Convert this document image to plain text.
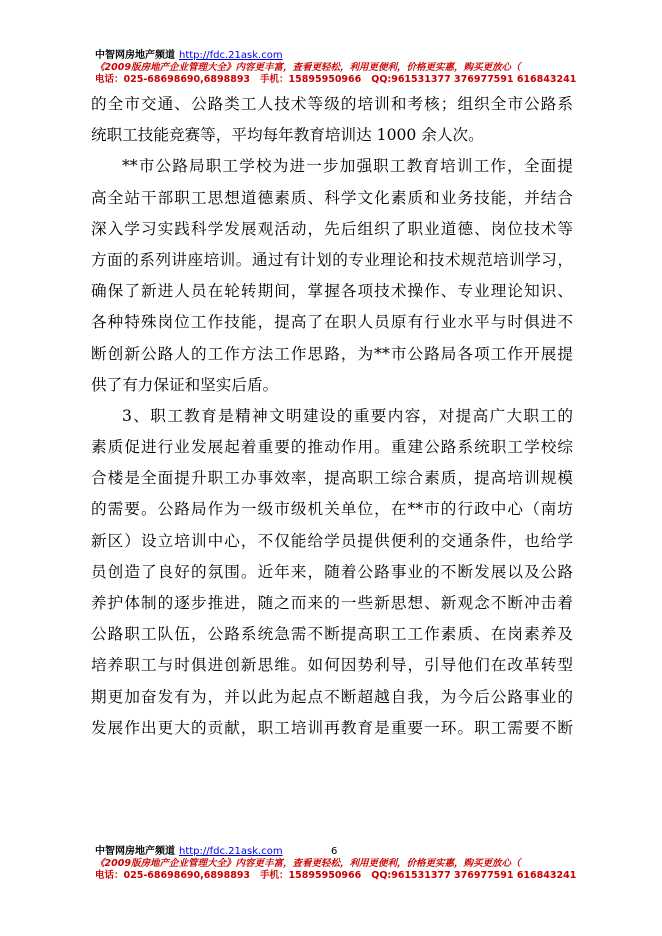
中智网房地产频道 http://fdc.21ask.com
《2009版房地产企业管理大全》内容更丰富，查看更轻松，利用更便利，价格更实惠，购买更放心（
电话：025-68698690,6898893 手机：15895950966 QQ:961531377 376977591 616843241
的全市交通、公路类工人技术等级的培训和考核；组织全市公路系
统职工技能竞赛等，平均每年教育培训达 1000 余人次。
**市公路局职工学校为进一步加强职工教育培训工作，全面提
高全站干部职工思想道德素质、科学文化素质和业务技能，并结合
深入学习实践科学发展观活动，先后组织了职业道德、岗位技术等
方面的系列讲座培训。通过有计划的专业理论和技术规范培训学习，
确保了新进人员在轮转期间，掌握各项技术操作、专业理论知识、
各种特殊岗位工作技能，提高了在职人员原有行业水平与时俱进不
断创新公路人的工作方法工作思路，为**市公路局各项工作开展提
供了有力保证和坚实后盾。
3、职工教育是精神文明建设的重要内容，对提高广大职工的
素质促进行业发展起着重要的推动作用。重建公路系统职工学校综
合楼是全面提升职工办事效率，提高职工综合素质，提高培训规模
的需要。公路局作为一级市级机关单位，在**市的行政中心（南坊
新区）设立培训中心，不仅能给学员提供便利的交通条件，也给学
员创造了良好的氛围。近年来，随着公路事业的不断发展以及公路
养护体制的逐步推进，随之而来的一些新思想、新观念不断冲击着
公路职工队伍，公路系统急需不断提高职工工作素质、在岗素养及
培养职工与时俱进创新思维。如何因势利导，引导他们在改革转型
期更加奋发有为，并以此为起点不断超越自我，为今后公路事业的
发展作出更大的贡献，职工培训再教育是重要一环。职工需要不断
中智网房地产频道 http://fdc.21ask.com	6
《2009版房地产企业管理大全》内容更丰富，查看更轻松，利用更便利，价格更实惠，购买更放心（
电话：025-68698690,6898893 手机：15895950966 QQ:961531377 376977591 616843241
